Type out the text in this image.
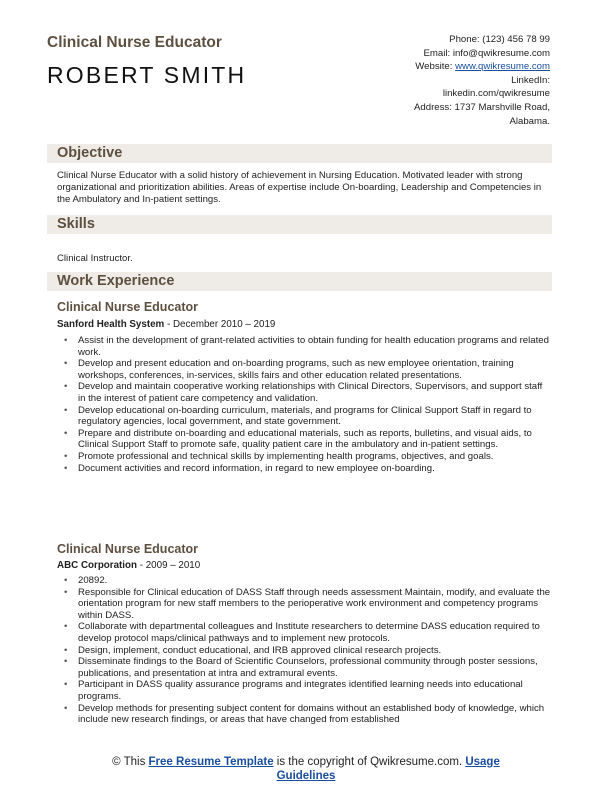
Clinical Nurse Educator
ROBERT SMITH
Phone: (123) 456 78 99
Email: info@qwikresume.com
Website: www.qwikresume.com
LinkedIn:
linkedin.com/qwikresume
Address: 1737 Marshville Road,
Alabama.
Objective
Clinical Nurse Educator with a solid history of achievement in Nursing Education. Motivated leader with strong organizational and prioritization abilities. Areas of expertise include On-boarding, Leadership and Competencies in the Ambulatory and In-patient settings.
Skills
Clinical Instructor.
Work Experience
Clinical Nurse Educator
Sanford Health System - December 2010 – 2019
• Assist in the development of grant-related activities to obtain funding for health education programs and related work.
• Develop and present education and on-boarding programs, such as new employee orientation, training workshops, conferences, in-services, skills fairs and other education related presentations.
• Develop and maintain cooperative working relationships with Clinical Directors, Supervisors, and support staff in the interest of patient care competency and validation.
• Develop educational on-boarding curriculum, materials, and programs for Clinical Support Staff in regard to regulatory agencies, local government, and state government.
• Prepare and distribute on-boarding and educational materials, such as reports, bulletins, and visual aids, to Clinical Support Staff to promote safe, quality patient care in the ambulatory and in-patient settings.
• Promote professional and technical skills by implementing health programs, objectives, and goals.
• Document activities and record information, in regard to new employee on-boarding.
Clinical Nurse Educator
ABC Corporation - 2009 – 2010
• 20892.
• Responsible for Clinical education of DASS Staff through needs assessment Maintain, modify, and evaluate the orientation program for new staff members to the perioperative work environment and competency programs within DASS.
• Collaborate with departmental colleagues and Institute researchers to determine DASS education required to develop protocol maps/clinical pathways and to implement new protocols.
• Design, implement, conduct educational, and IRB approved clinical research projects.
• Disseminate findings to the Board of Scientific Counselors, professional community through poster sessions, publications, and presentation at intra and extramural events.
• Participant in DASS quality assurance programs and integrates identified learning needs into educational programs.
• Develop methods for presenting subject content for domains without an established body of knowledge, which include new research findings, or areas that have changed from established
© This Free Resume Template is the copyright of Qwikresume.com. Usage
Guidelines
